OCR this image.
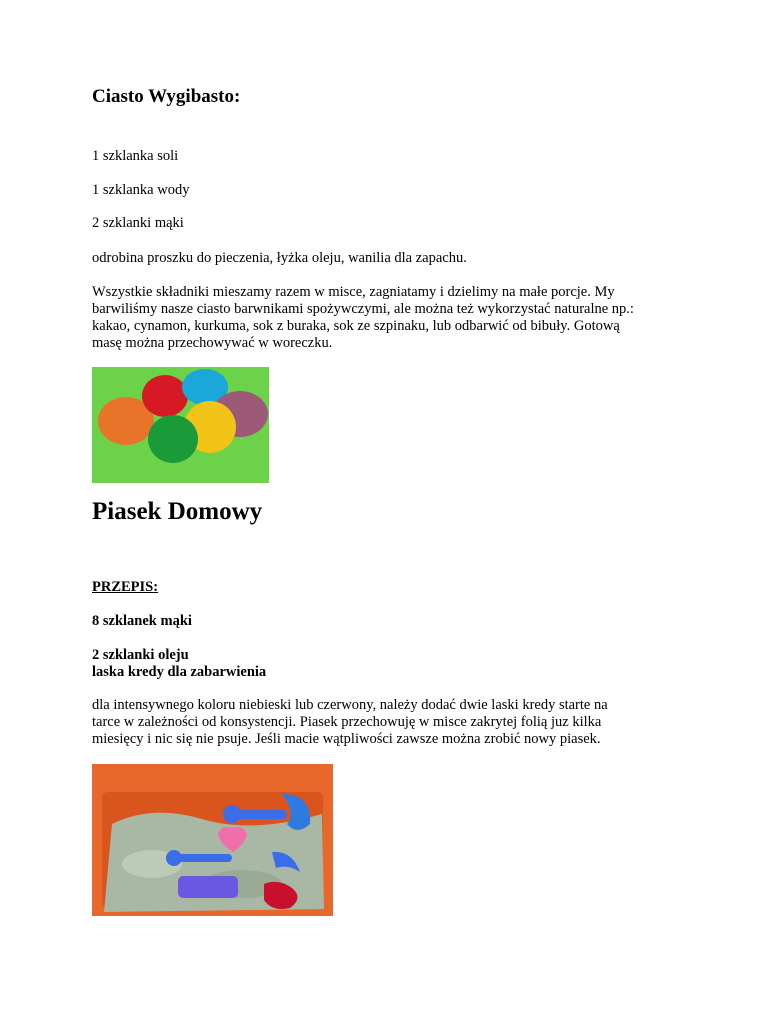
Ciasto Wygibasto:
1 szklanka soli
1 szklanka wody
2 szklanki mąki
odrobina proszku do pieczenia, łyżka oleju, wanilia dla zapachu.
Wszystkie składniki mieszamy razem w misce, zagniatamy i dzielimy na małe porcje. My
barwiliśmy nasze ciasto barwnikami spożywczymi, ale można też wykorzystać naturalne np.:
kakao, cynamon, kurkuma, sok z buraka, sok ze szpinaku, lub odbarwić od bibuły. Gotową
masę można przechowywać w woreczku.
Piasek Domowy
PRZEPIS:
8 szklanek mąki
2 szklanki oleju
laska kredy dla zabarwienia
dla intensywnego koloru niebieski lub czerwony, należy dodać dwie laski kredy starte na
tarce w zależności od konsystencji. Piasek przechowuję w misce zakrytej folią juz kilka
miesięcy i nic się nie psuje. Jeśli macie wątpliwości zawsze można zrobić nowy piasek.
